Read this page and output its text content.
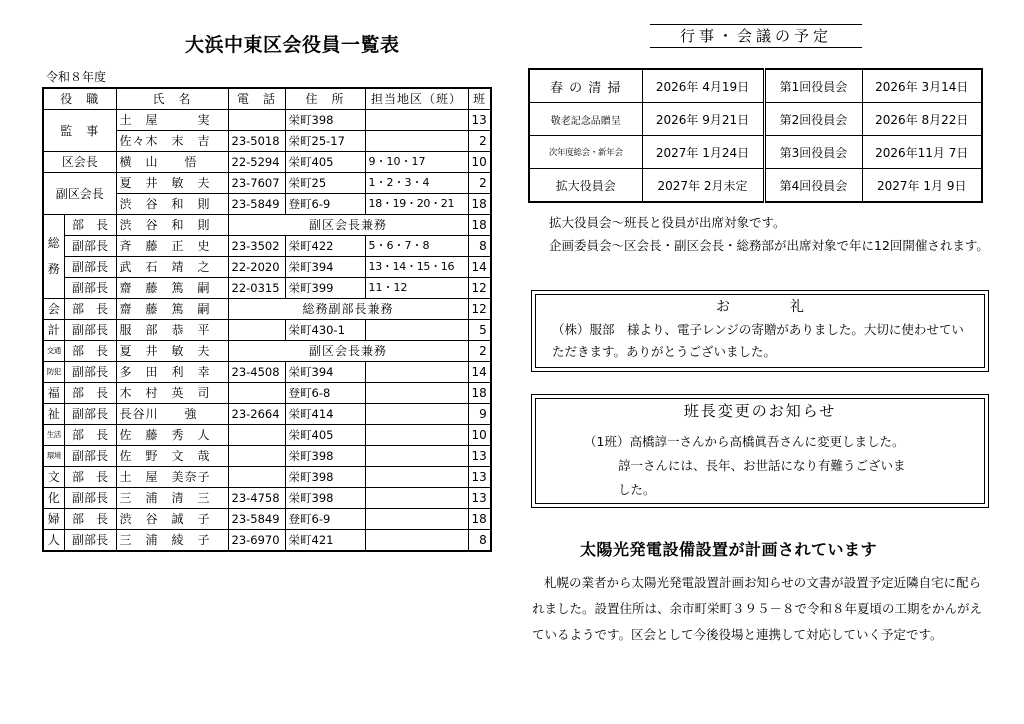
大浜中東区会役員一覧表
令和８年度
役　職		氏　名	電　話	住　所	担当地区（班）	班
監　事		土　屋　　　実		栄町398		13
		佐々木　末　吉	23-5018	栄町25-17		2
区会長		横　山　　悟	22-5294	栄町405	9・10・17	10
副区会長		夏　井　敏　夫	23-7607	栄町25	1・2・3・4	2
		渋　谷　和　則	23-5849	登町6-9	18・19・20・21	18
総務	部　長	渋　谷　和　則	副区会長兼務			18
	副部長	斉　藤　正　史	23-3502	栄町422	5・6・7・8	8
	副部長	武　石　靖　之	22-2020	栄町394	13・14・15・16	14
	副部長	齋　藤　篤　嗣	22-0315	栄町399	11・12	12
会	部　長	齋　藤　篤　嗣	総務副部長兼務			12
計	副部長	服　部　恭　平		栄町430-1		5
交通	部　長	夏　井　敏　夫	副区会長兼務			2
防犯	副部長	多　田　利　幸	23-4508	栄町394		14
福	部　長	木　村　英　司		登町6-8		18
祉	副部長	長谷川　　強	23-2664	栄町414		9
生活	部　長	佐　藤　秀　人		栄町405		10
環境	副部長	佐　野　文　哉		栄町398		13
文	部　長	土　屋　美奈子		栄町398		13
化	副部長	三　浦　清　三	23-4758	栄町398		13
婦	部　長	渋　谷　誠　子	23-5849	登町6-9		18
人	副部長	三　浦　綾　子	23-6970	栄町421		8
行事・会議の予定
春 の 清 掃	2026年 4月19日	第1回役員会	2026年 3月14日
敬老記念品贈呈	2026年 9月21日	第2回役員会	2026年 8月22日
次年度総会・新年会	2027年 1月24日	第3回役員会	2026年11月 7日
拡大役員会	2027年 2月未定	第4回役員会	2027年 1月 9日
拡大役員会～班長と役員が出席対象です。
企画委員会～区会長・副区会長・総務部が出席対象で年に12回開催されます。
お礼
（株）服部　様より、電子レンジの寄贈がありました。大切に使わせていただきます。ありがとうございました。
班長変更のお知らせ
（1班）高橋諄一さんから高橋眞吾さんに変更しました。
諄一さんには、長年、お世話になり有難うございま
した。
太陽光発電設備設置が計画されています
札幌の業者から太陽光発電設置計画お知らせの文書が設置予定近隣自宅に配られました。設置住所は、余市町栄町３９５－８で令和８年夏頃の工期をかんがえているようです。区会として今後役場と連携して対応していく予定です。
